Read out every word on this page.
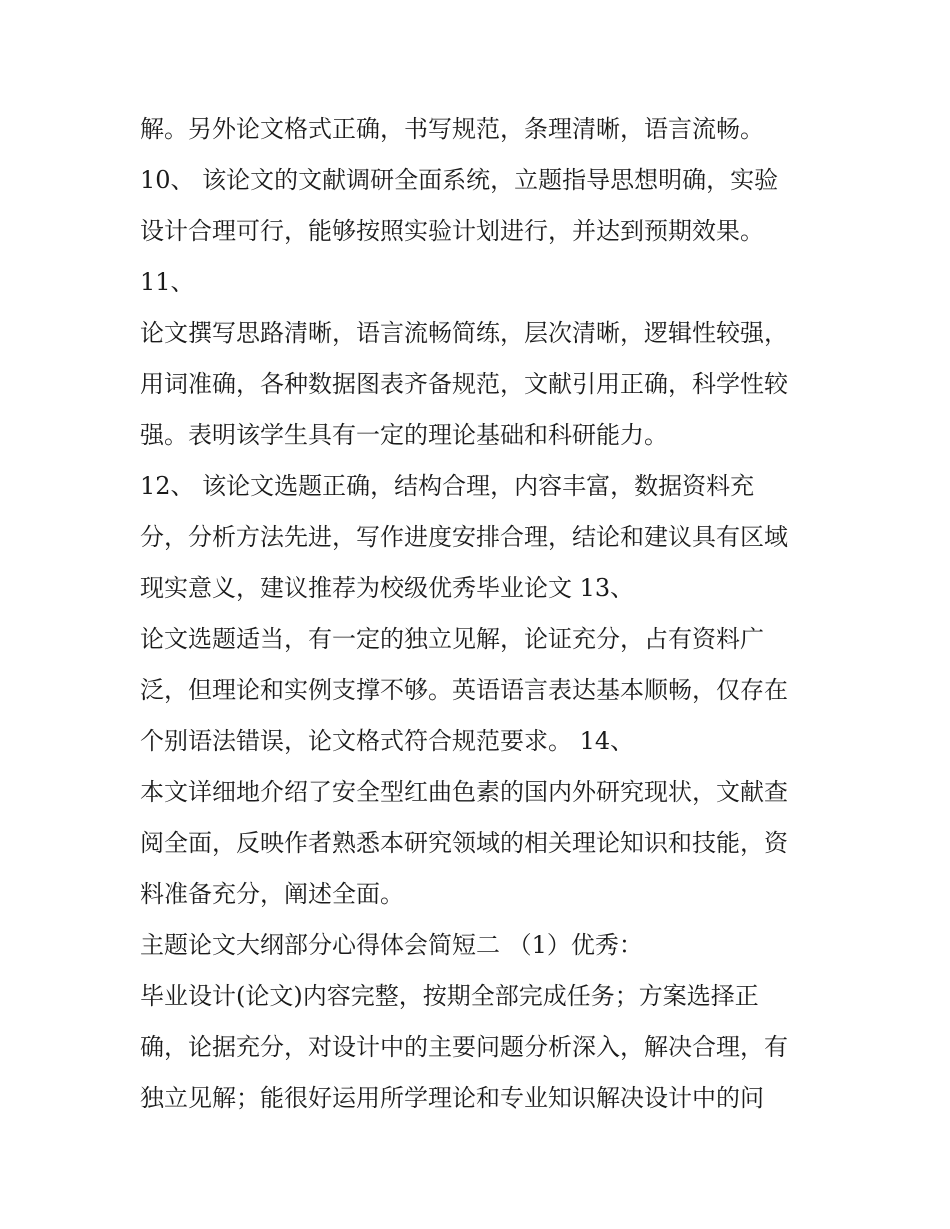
解。另外论文格式正确，书写规范，条理清晰，语言流畅。
10、 该论文的文献调研全面系统，立题指导思想明确，实验
设计合理可行，能够按照实验计划进行，并达到预期效果。
11、
论文撰写思路清晰，语言流畅简练，层次清晰，逻辑性较强，
用词准确，各种数据图表齐备规范，文献引用正确，科学性较
强。表明该学生具有一定的理论基础和科研能力。
12、 该论文选题正确，结构合理，内容丰富，数据资料充
分，分析方法先进，写作进度安排合理，结论和建议具有区域
现实意义，建议推荐为校级优秀毕业论文 13、
论文选题适当，有一定的独立见解，论证充分，占有资料广
泛，但理论和实例支撑不够。英语语言表达基本顺畅，仅存在
个别语法错误，论文格式符合规范要求。 14、
本文详细地介绍了安全型红曲色素的国内外研究现状，文献查
阅全面，反映作者熟悉本研究领域的相关理论知识和技能，资
料准备充分，阐述全面。
主题论文大纲部分心得体会简短二 （1）优秀：
毕业设计(论文)内容完整，按期全部完成任务；方案选择正
确，论据充分，对设计中的主要问题分析深入，解决合理，有
独立见解；能很好运用所学理论和专业知识解决设计中的问
